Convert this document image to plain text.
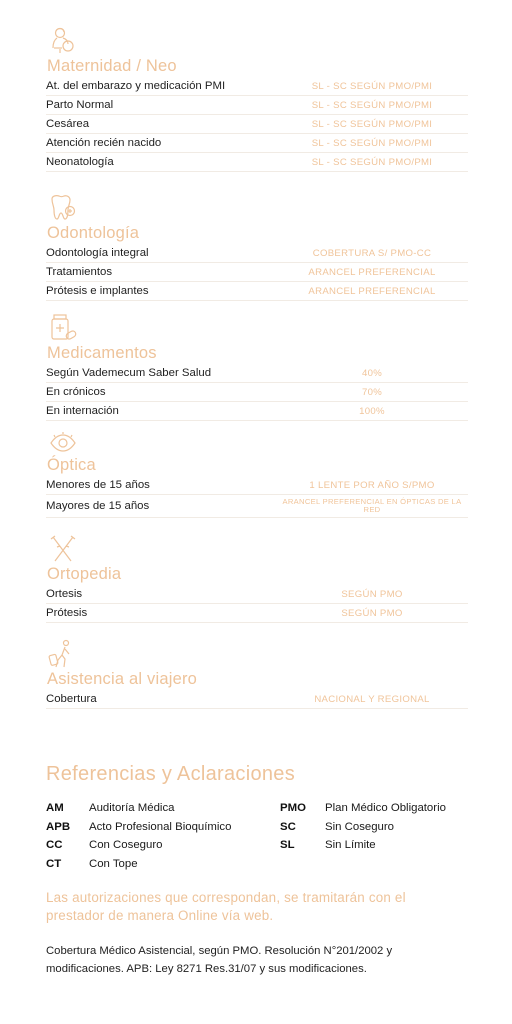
Maternidad / Neo
At. del embarazo y medicación PMI	SL - SC SEGÚN PMO/PMI
Parto Normal	SL - SC SEGÚN PMO/PMI
Cesárea	SL - SC SEGÚN PMO/PMI
Atención recién nacido	SL - SC SEGÚN PMO/PMI
Neonatología	SL - SC SEGÚN PMO/PMI
Odontología
Odontología integral	COBERTURA S/ PMO-CC
Tratamientos	ARANCEL PREFERENCIAL
Prótesis e implantes	ARANCEL PREFERENCIAL
Medicamentos
Según Vademecum Saber Salud	40%
En crónicos	70%
En internación	100%
Óptica
Menores de 15 años	1 LENTE POR AÑO S/PMO
Mayores de 15 años	ARANCEL PREFERENCIAL EN ÓPTICAS DE LA RED
Ortopedia
Ortesis	SEGÚN PMO
Prótesis	SEGÚN PMO
Asistencia al viajero
Cobertura	NACIONAL Y REGIONAL
Referencias y Aclaraciones
AM	Auditoría Médica
APB	Acto Profesional Bioquímico
CC	Con Coseguro
CT	Con Tope
PMO	Plan Médico Obligatorio
SC	Sin Coseguro
SL	Sin Límite
Las autorizaciones que correspondan, se tramitarán con el prestador de manera Online vía web.
Cobertura Médico Asistencial, según PMO. Resolución N°201/2002 y modificaciones. APB: Ley 8271 Res.31/07 y sus modificaciones.
